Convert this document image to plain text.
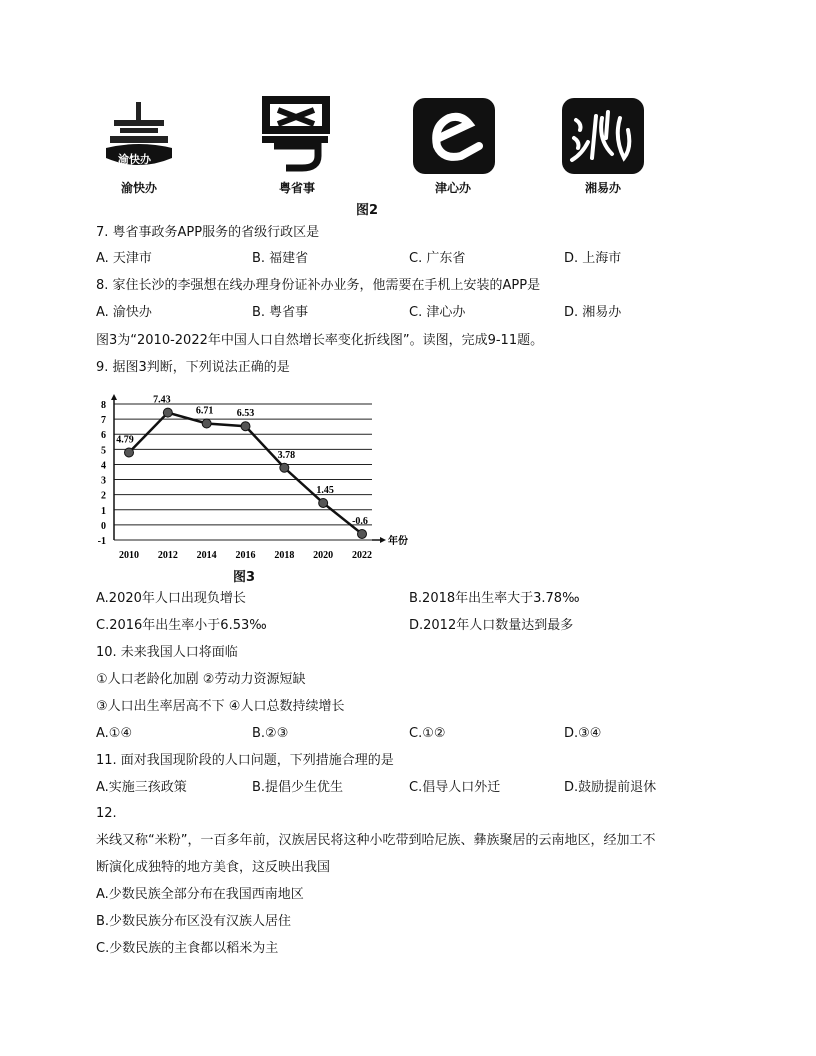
渝快办
渝快办	粤省事	津心办	湘易办
图2
7. 粤省事政务APP服务的省级行政区是
A. 天津市	B. 福建省	C. 广东省	D. 上海市
8. 家住长沙的李强想在线办理身份证补办业务，他需要在手机上安装的APP是
A. 渝快办	B. 粤省事	C. 津心办	D. 湘易办
图3为“2010-2022年中国人口自然增长率变化折线图”。读图，完成9-11题。
9. 据图3判断，下列说法正确的是
8
7
6
5
4
3
2
1
0
-1
2010 2012 2014 2016 2018 2020 2022
年份
4.79
7.43
6.71 6.53
3.78
1.45
-0.6
图3
A.2020年人口出现负增长	B.2018年出生率大于3.78‰
C.2016年出生率小于6.53‰	D.2012年人口数量达到最多
10. 未来我国人口将面临
①人口老龄化加剧 ②劳动力资源短缺
③人口出生率居高不下 ④人口总数持续增长
A.①④	B.②③	C.①②	D.③④
11. 面对我国现阶段的人口问题，下列措施合理的是
A.实施三孩政策	B.提倡少生优生	C.倡导人口外迁	D.鼓励提前退休
12.
米线又称“米粉”，一百多年前，汉族居民将这种小吃带到哈尼族、彝族聚居的云南地区，经加工不
断演化成独特的地方美食，这反映出我国
A.少数民族全部分布在我国西南地区
B.少数民族分布区没有汉族人居住
C.少数民族的主食都以稻米为主
